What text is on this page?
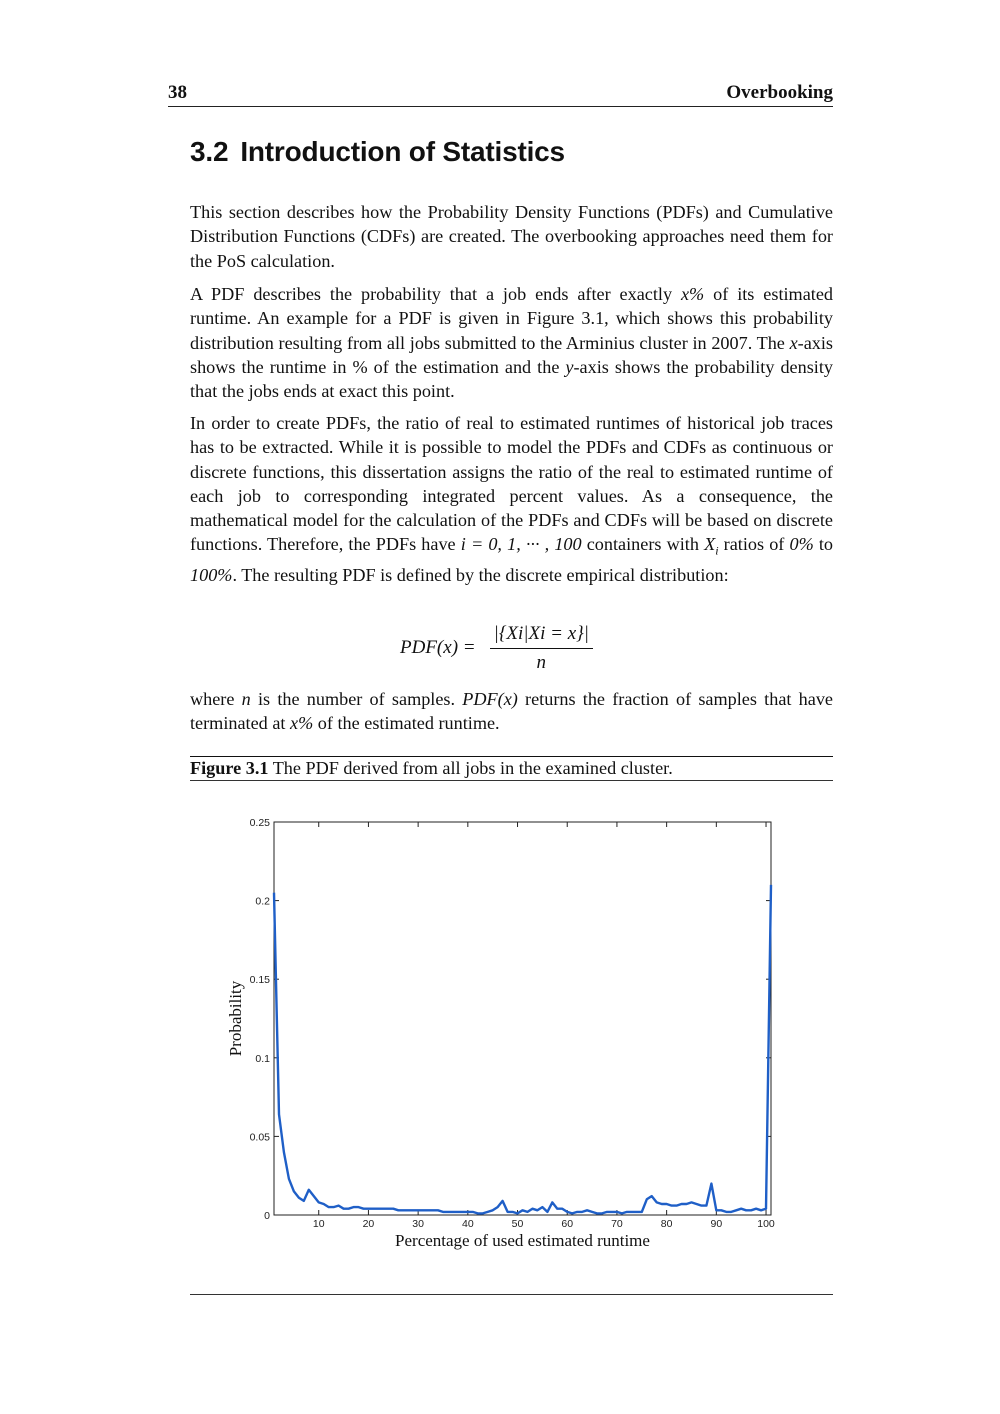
38	Overbooking
3.2 Introduction of Statistics

This section describes how the Probability Density Functions (PDFs) and Cumulative Distribution Functions (CDFs) are created. The overbooking approaches need them for the PoS calculation.

A PDF describes the probability that a job ends after exactly x% of its estimated runtime. An example for a PDF is given in Figure 3.1, which shows this probability distribution resulting from all jobs submitted to the Arminius cluster in 2007. The x-axis shows the runtime in % of the estimation and the y-axis shows the probability density that the jobs ends at exact this point.

In order to create PDFs, the ratio of real to estimated runtimes of historical job traces has to be extracted. While it is possible to model the PDFs and CDFs as continuous or discrete functions, this dissertation assigns the ratio of the real to estimated runtime of each job to corresponding integrated percent values. As a consequence, the mathematical model for the calculation of the PDFs and CDFs will be based on discrete functions. Therefore, the PDFs have i = 0, 1, ··· , 100 containers with $X_i$ ratios of 0% to 100%. The resulting PDF is defined by the discrete empirical distribution:

$PDF(x) = \frac{|\{Xi|Xi = x\}|}{n}$

where n is the number of samples. PDF(x) returns the fraction of samples that have terminated at x% of the estimated runtime.

Figure 3.1 The PDF derived from all jobs in the examined cluster.
10	20	30	40	50	60	70	80	90	100
0
0.05
0.1
0.15
0.2
0.25
Percentage of used estimated runtime
Probability
